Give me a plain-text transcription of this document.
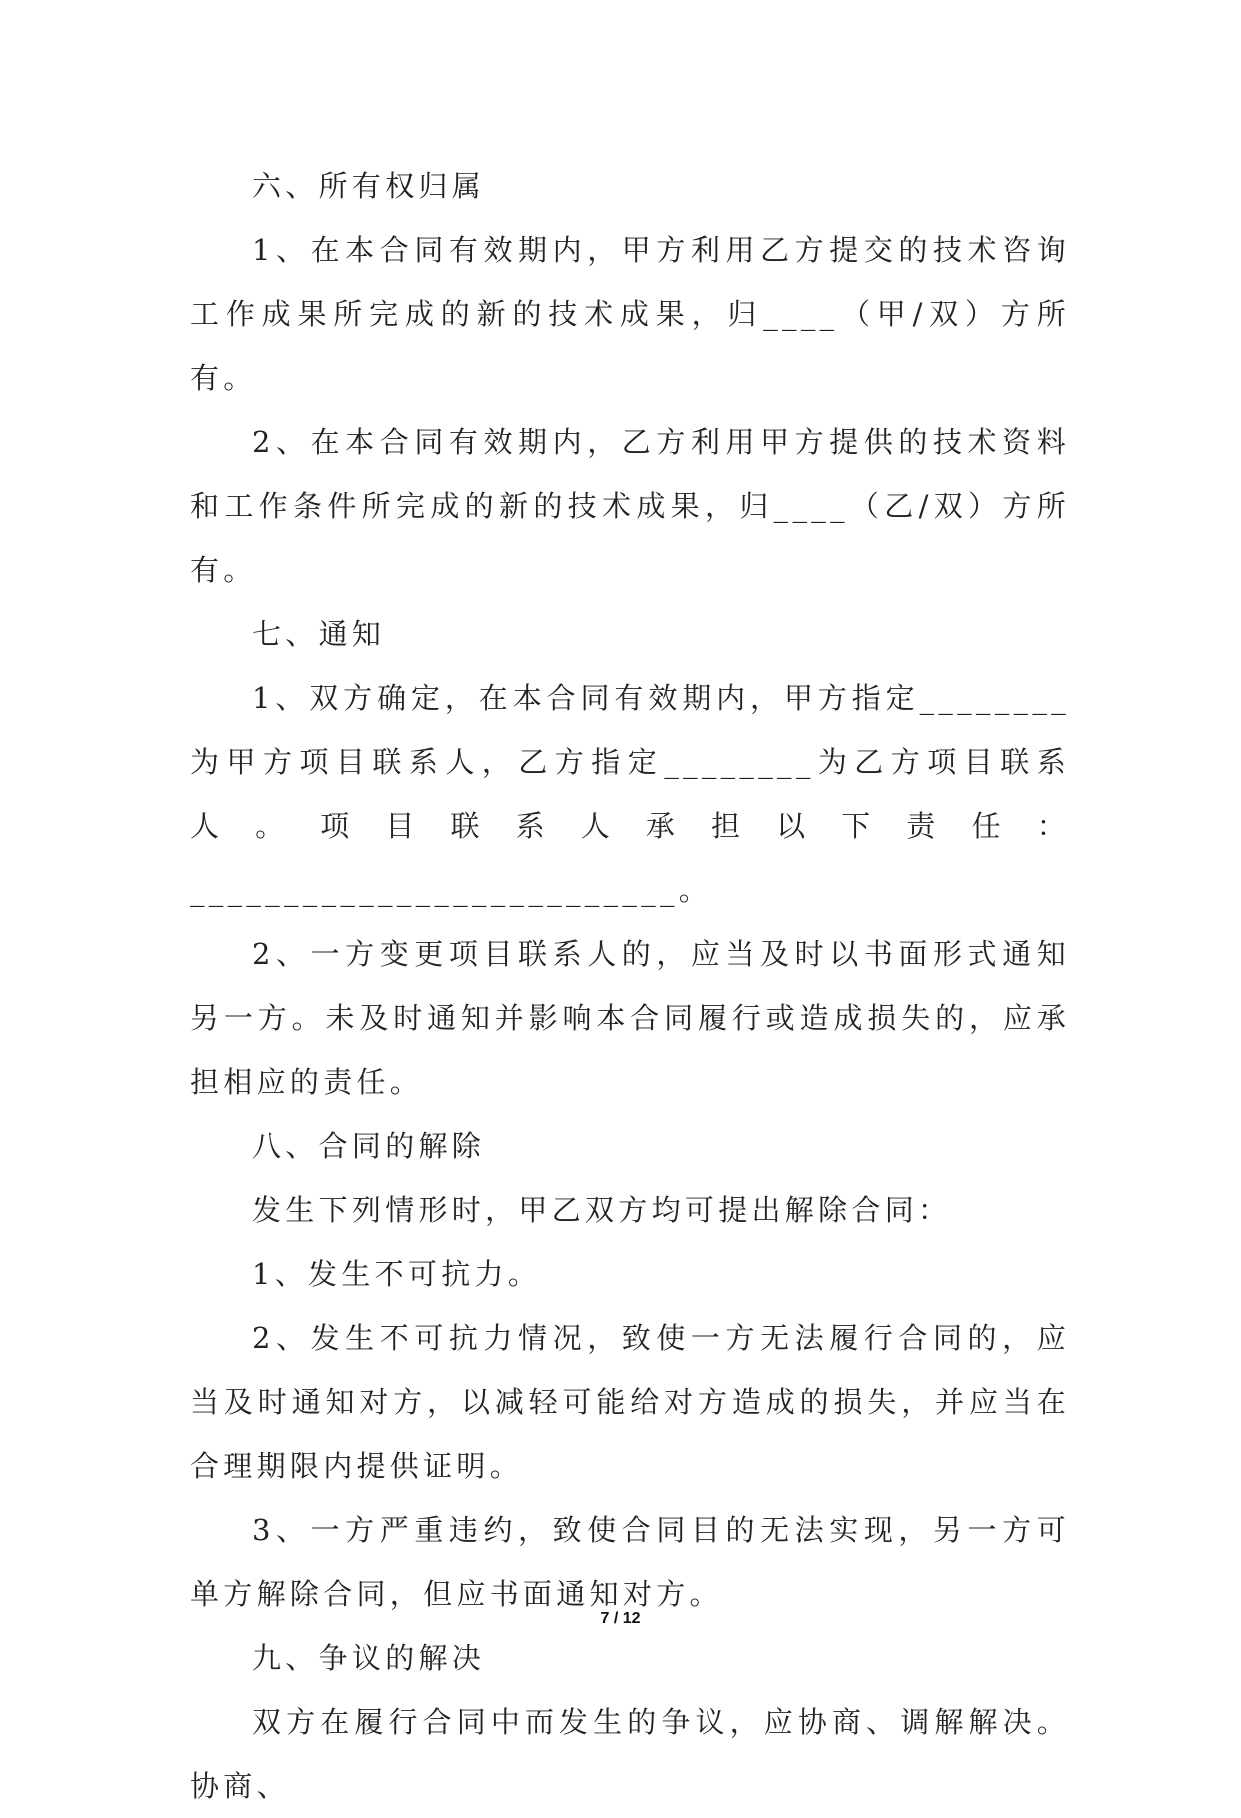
六、所有权归属

1、在本合同有效期内，甲方利用乙方提交的技术咨询工作成果所完成的新的技术成果，归____（甲/双）方所有。

2、在本合同有效期内，乙方利用甲方提供的技术资料和工作条件所完成的新的技术成果，归____（乙/双）方所有。

七、通知

1、双方确定，在本合同有效期内，甲方指定________为甲方项目联系人，乙方指定________为乙方项目联系人。项目联系人承担以下责任：__________________________。

2、一方变更项目联系人的，应当及时以书面形式通知另一方。未及时通知并影响本合同履行或造成损失的，应承担相应的责任。

八、合同的解除

发生下列情形时，甲乙双方均可提出解除合同：

1、发生不可抗力。

2、发生不可抗力情况，致使一方无法履行合同的，应当及时通知对方，以减轻可能给对方造成的损失，并应当在合理期限内提供证明。

3、一方严重违约，致使合同目的无法实现，另一方可单方解除合同，但应书面通知对方。

九、争议的解决

双方在履行合同中而发生的争议，应协商、调解解决。协商、

7 / 12
